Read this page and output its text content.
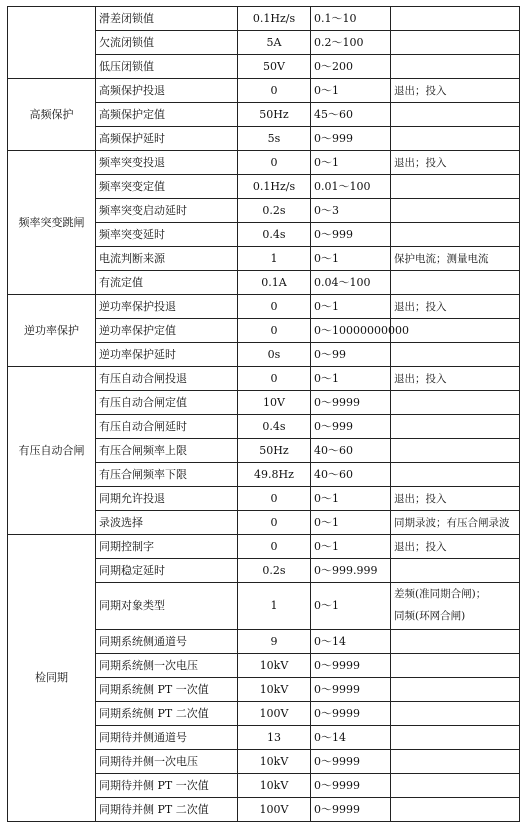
	滑差闭锁值	0.1Hz/s	0.1～10	
	欠流闭锁值	5A	0.2～100	
	低压闭锁值	50V	0～200	
高频保护	高频保护投退	0	0～1	退出；投入
	高频保护定值	50Hz	45～60	
	高频保护延时	5s	0～999	
频率突变跳闸	频率突变投退	0	0～1	退出；投入
	频率突变定值	0.1Hz/s	0.01～100	
	频率突变启动延时	0.2s	0～3	
	频率突变延时	0.4s	0～999	
	电流判断来源	1	0～1	保护电流；测量电流
	有流定值	0.1A	0.04～100	
逆功率保护	逆功率保护投退	0	0～1	退出；投入
	逆功率保护定值	0	0～10000000000	
	逆功率保护延时	0s	0～99	
有压自动合闸	有压自动合闸投退	0	0～1	退出；投入
	有压自动合闸定值	10V	0～9999	
	有压自动合闸延时	0.4s	0～999	
	有压合闸频率上限	50Hz	40～60	
	有压合闸频率下限	49.8Hz	40～60	
	同期允许投退	0	0～1	退出；投入
	录波选择	0	0～1	同期录波；有压合闸录波
检同期	同期控制字	0	0～1	退出；投入
	同期稳定延时	0.2s	0～999.999	
	同期对象类型	1	0～1	差频(准同期合闸)；
同频(环网合闸)

	同期系统侧通道号	9	0～14	
	同期系统侧一次电压	10kV	0～9999	
	同期系统侧 PT 一次值	10kV	0～9999	
	同期系统侧 PT 二次值	100V	0～9999	
	同期待并侧通道号	13	0～14	
	同期待并侧一次电压	10kV	0～9999	
	同期待并侧 PT 一次值	10kV	0～9999	
	同期待并侧 PT 二次值	100V	0～9999	
